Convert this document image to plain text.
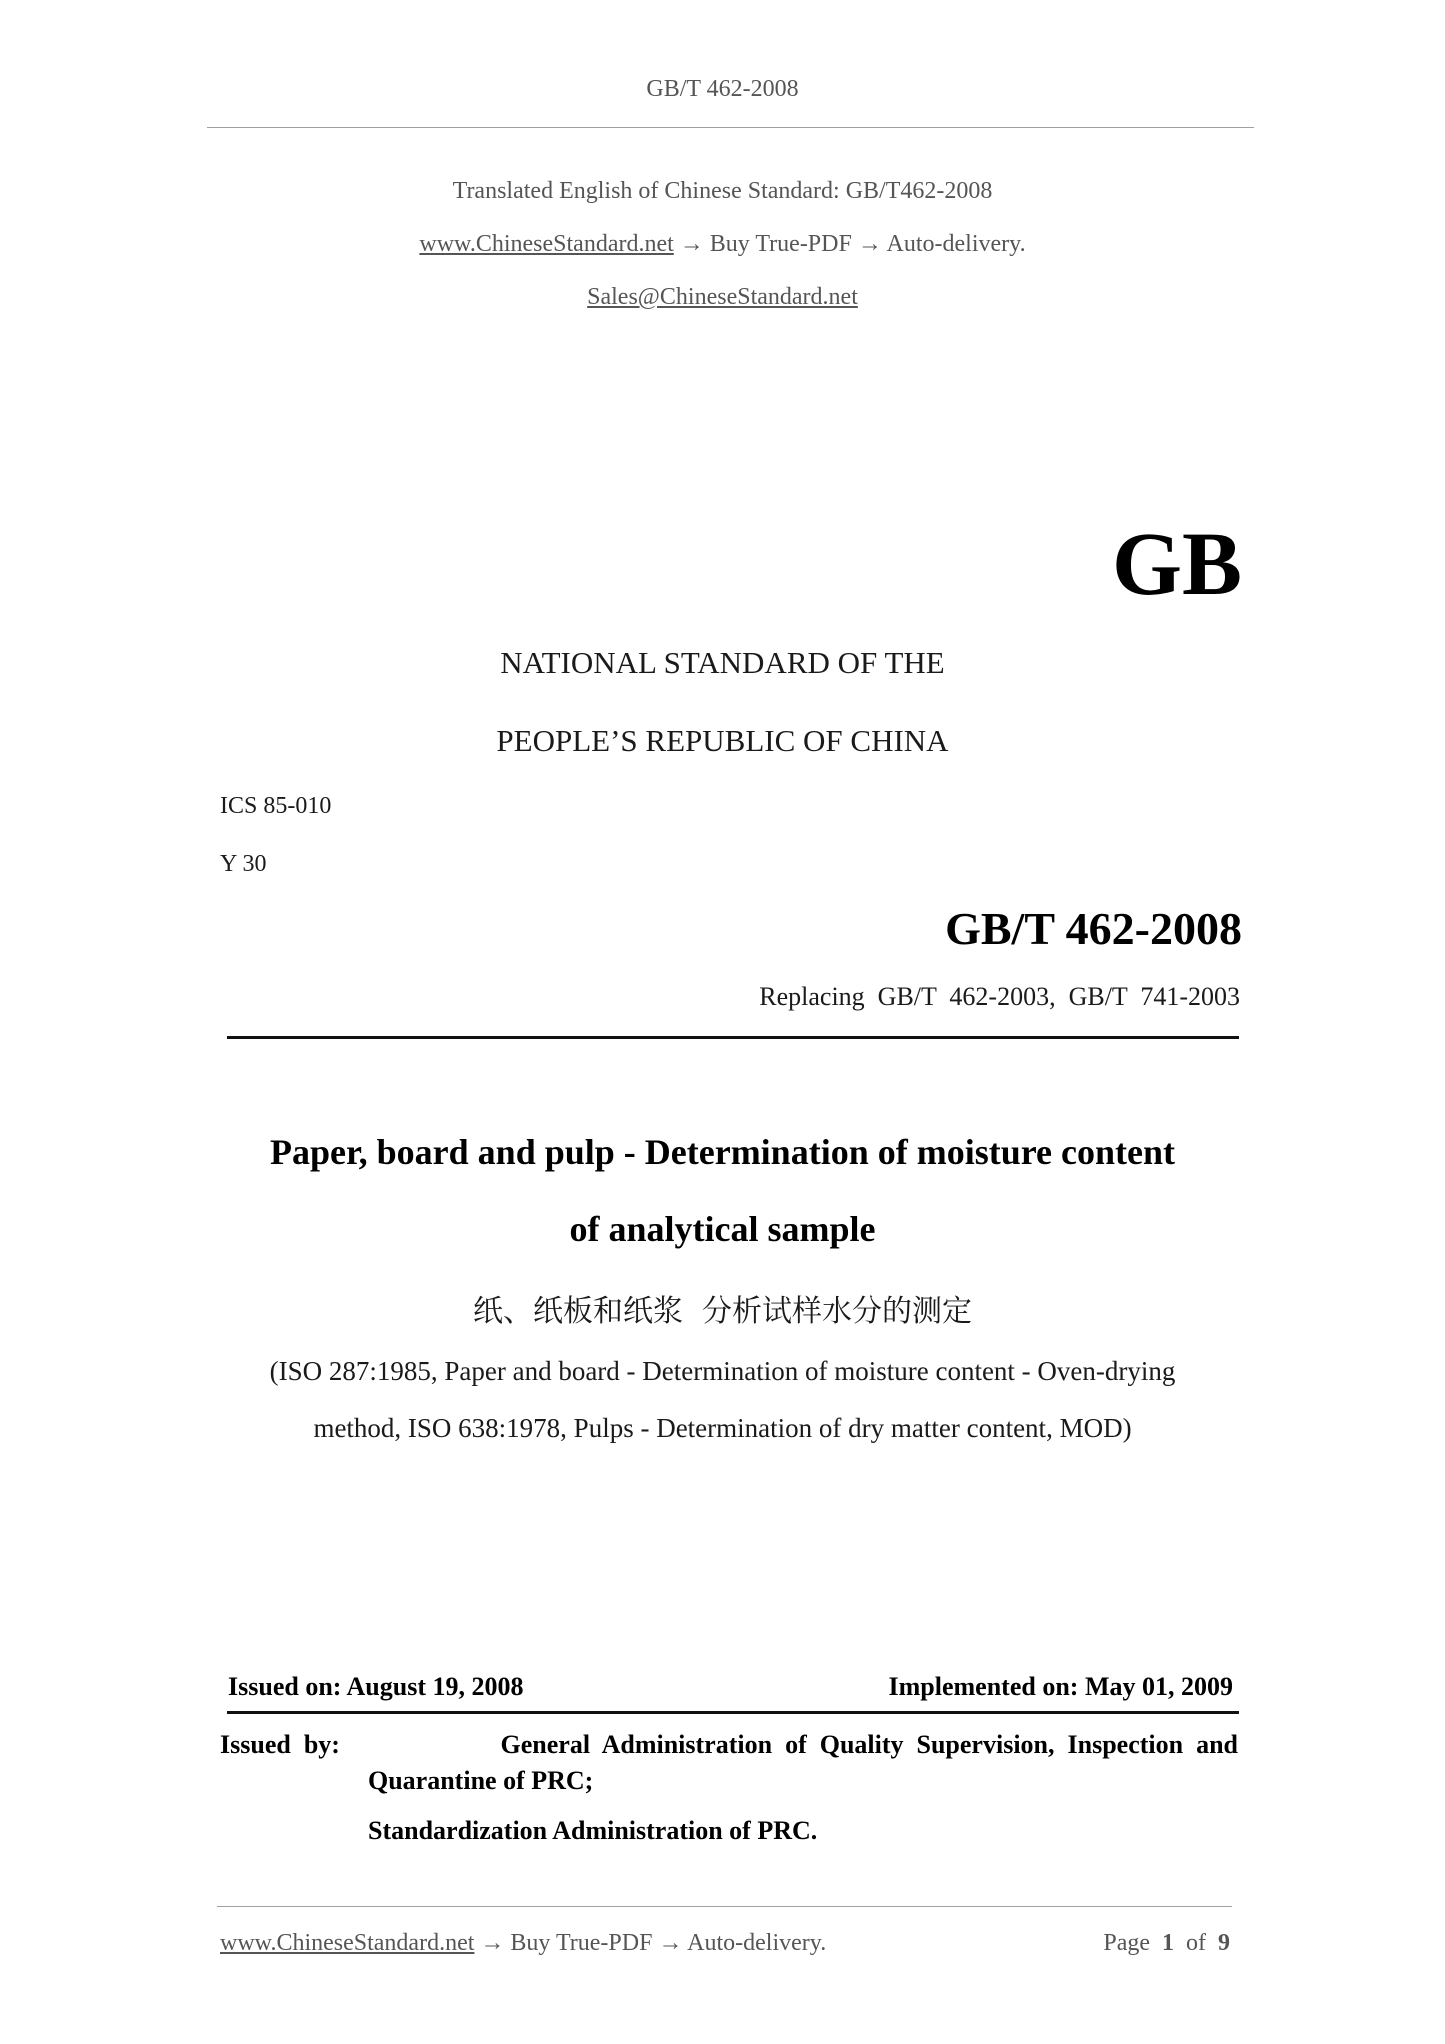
GB/T 462-2008
Translated English of Chinese Standard: GB/T462-2008
www.ChineseStandard.net → Buy True-PDF → Auto-delivery.
Sales@ChineseStandard.net
GB
NATIONAL STANDARD OF THE
PEOPLE’S REPUBLIC OF CHINA
ICS 85-010
Y 30
GB/T 462-2008
Replacing  GB/T  462-2003,  GB/T  741-2003
Paper, board and pulp - Determination of moisture content
of analytical sample
纸、纸板和纸浆  分析试样水分的测定
(ISO 287:1985, Paper and board - Determination of moisture content - Oven-drying
method, ISO 638:1978, Pulps - Determination of dry matter content, MOD)
Issued on: August 19, 2008	Implemented on: May 01, 2009
Issued  by:	General  Administration  of  Quality  Supervision,  Inspection  and
Quarantine of PRC;
Standardization Administration of PRC.
www.ChineseStandard.net → Buy True-PDF → Auto-delivery.	Page 1 of 9
